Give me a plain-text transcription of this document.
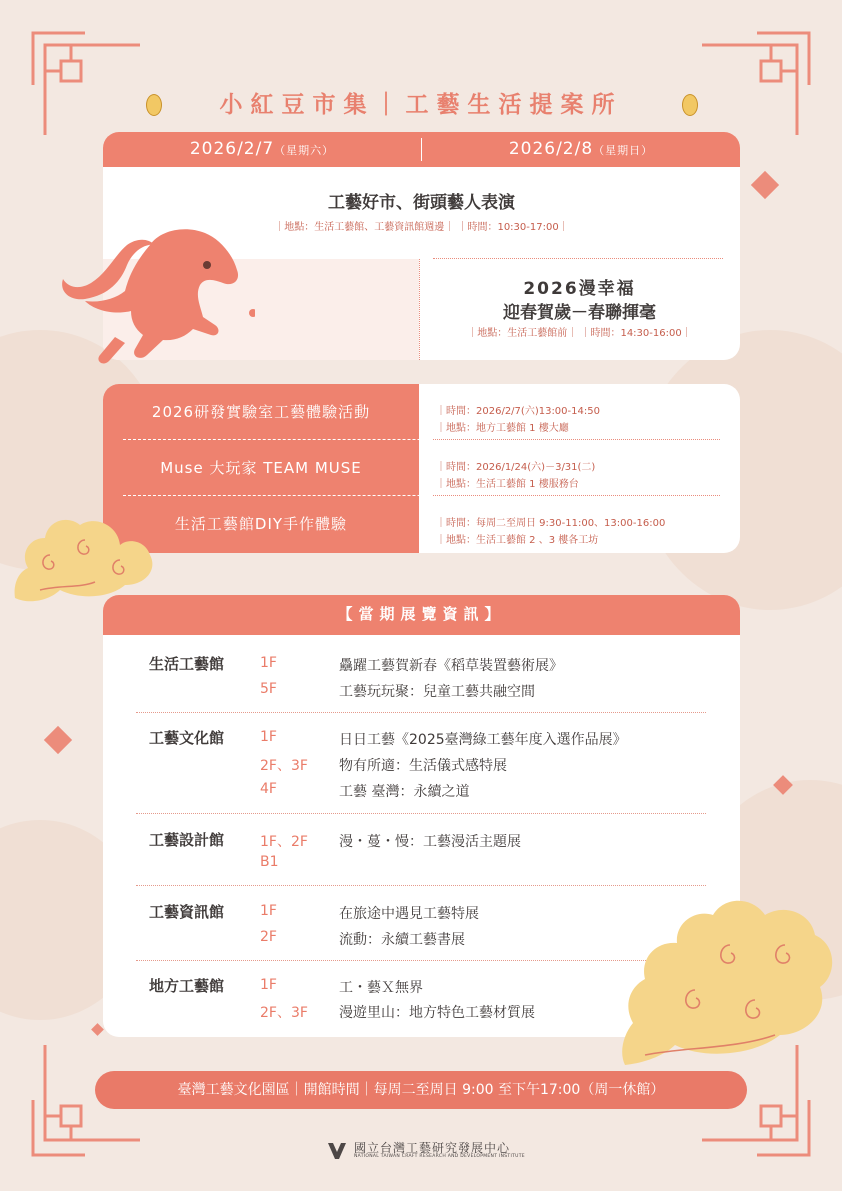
小紅豆市集｜工藝生活提案所
2026/2/7（星期六）	2026/2/8（星期日）
工藝好市、街頭藝人表演
｜地點：生活工藝館、工藝資訊館週邊｜ ｜時間：10:30-17:00｜
2026漫幸福
迎春賀歲－春聯揮毫
｜地點：生活工藝館前｜ ｜時間：14:30-16:00｜
2026研發實驗室工藝體驗活動	｜時間：2026/2/7(六)13:00-14:50
｜地點：地方工藝館 1 樓大廳
Muse 大玩家 TEAM MUSE	｜時間：2026/1/24(六)－3/31(二)
｜地點：生活工藝館 1 樓服務台
生活工藝館DIY手作體驗	｜時間：每周二至周日 9:30-11:00、13:00-16:00
｜地點：生活工藝館 2 、3 樓各工坊
【當期展覽資訊】
生活工藝館	1F	驫躍工藝賀新春《稻草裝置藝術展》
5F	工藝玩玩聚：兒童工藝共融空間
工藝文化館	1F	日日工藝《2025臺灣綠工藝年度入選作品展》
2F、3F 物有所適：生活儀式感特展
4F	工藝 臺灣：永續之道
工藝設計館	1F、2F 漫・蔓・慢：工藝漫活主題展
B1
工藝資訊館	1F	在旅途中遇見工藝特展
2F	流動：永續工藝書展
地方工藝館	1F	工・藝Ｘ無界
2F、3F 漫遊里山：地方特色工藝材質展
臺灣工藝文化園區｜開館時間｜每周二至周日 9:00 至下午17:00（周一休館）
國立台灣工藝研究發展中心
NATIONAL TAIWAN CRAFT RESEARCH AND DEVELOPMENT INSTITUTE
